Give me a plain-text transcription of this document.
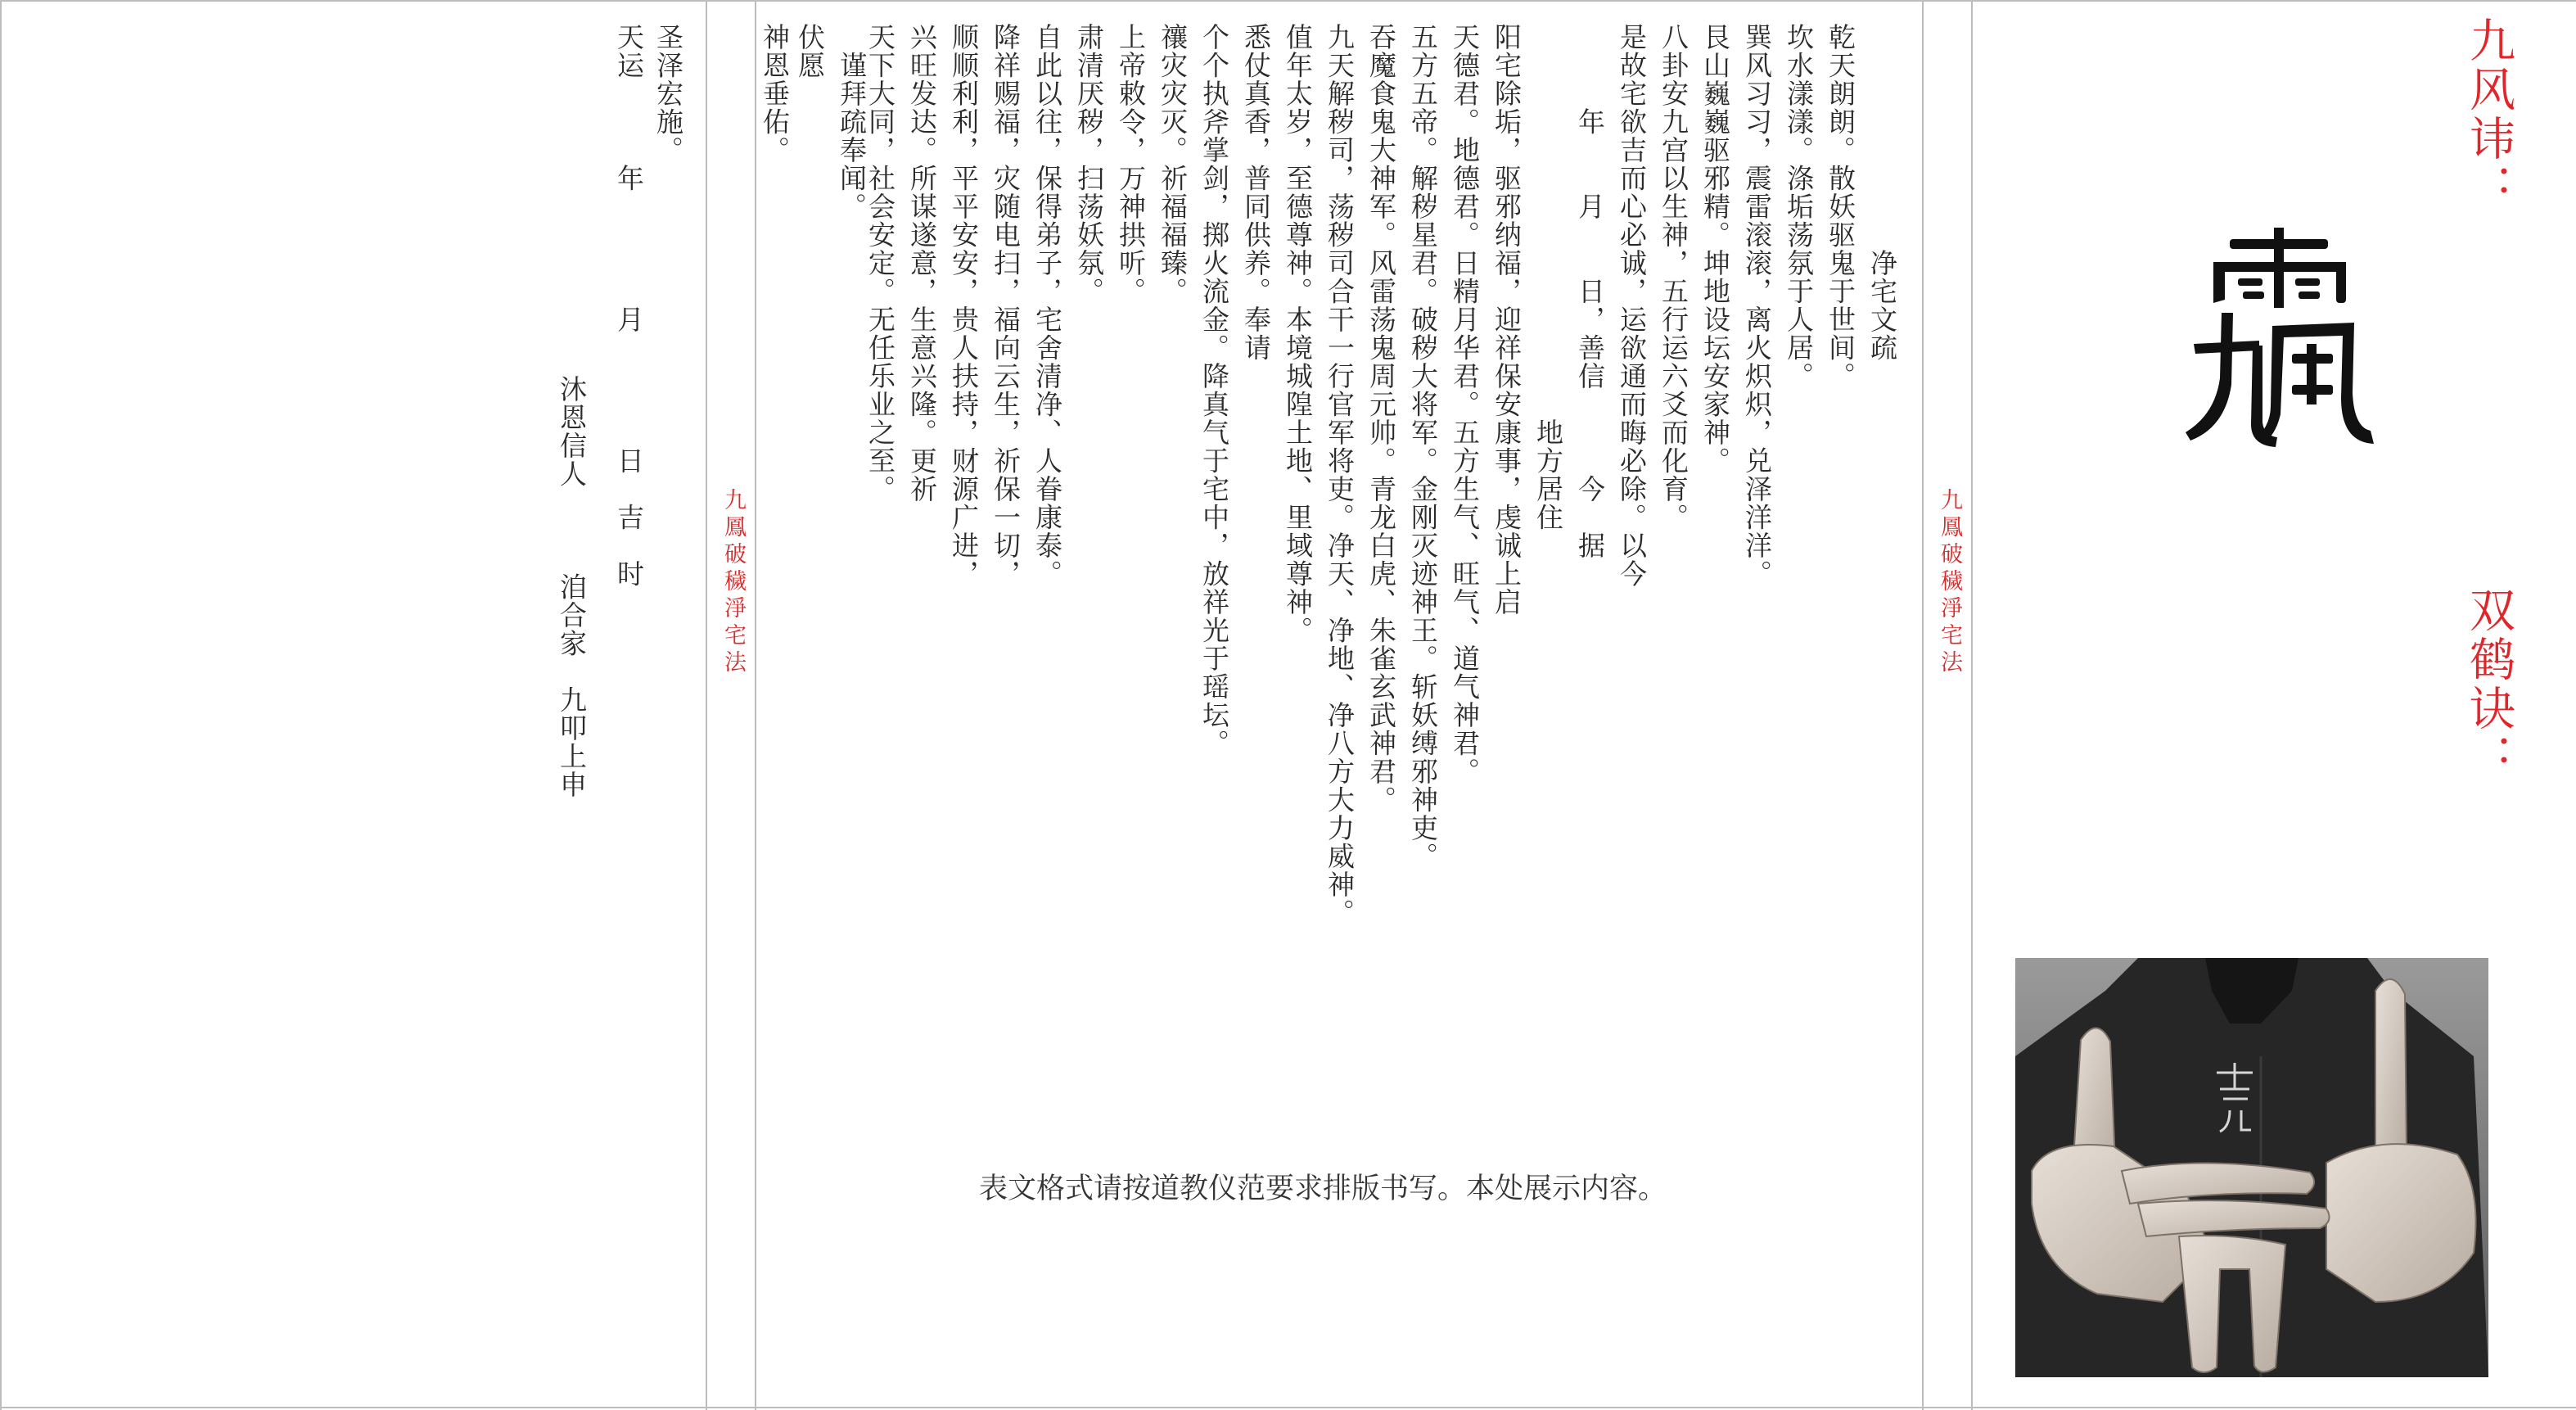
圣泽宏施。
天运　　　年　　　　月　　　　日　吉　时
沐恩信人　　　洎合家　九叩上申	九鳳破穢淨宅法	九鳳破穢淨宅法
　　　　　　　　净宅文疏
乾天朗朗。散妖驱鬼于世间。
坎水漾漾。涤垢荡氛于人居。
巽风习习，震雷滚滚，离火炽炽，兑泽洋洋。
艮山巍巍驱邪精。坤地设坛安家神。
八卦安九宫以生神，五行运六爻而化育。
是故宅欲吉而心必诚，运欲通而晦必除。以今
　　　年　　月　　日，善信　　　今　据
　　　　　　　　　　　　　　地方居住
阳宅除垢，驱邪纳福，迎祥保安康事，虔诚上启
天德君。地德君。日精月华君。五方生气、旺气、道气神君。
五方五帝。解秽星君。破秽大将军。金刚灭迹神王。斩妖缚邪神吏。
吞魔食鬼大神军。风雷荡鬼周元帅。青龙白虎、朱雀玄武神君。
九天解秽司，荡秽司合干一行官军将吏。净天、净地、净八方大力威神。
值年太岁，至德尊神。本境城隍土地、里域尊神。
悉仗真香，普同供养。奉请
个个执斧掌剑，掷火流金。降真气于宅中，放祥光于瑶坛。
禳灾灾灭。祈福福臻。
上帝敕令，万神拱听。
肃清厌秽，扫荡妖氛。
自此以往，保得弟子，宅舍清净、人眷康泰。
降祥赐福，灾随电扫，福向云生，祈保一切，
顺顺利利，平平安安，贵人扶持，财源广进，
兴旺发达。所谋遂意，生意兴隆。更祈
天下大同，社会安定。无任乐业之至。
　谨拜疏奉闻。
伏愿
神恩垂佑。
表文格式请按道教仪范要求排版书写。本处展示内容。
九风讳：
双鹤诀：
